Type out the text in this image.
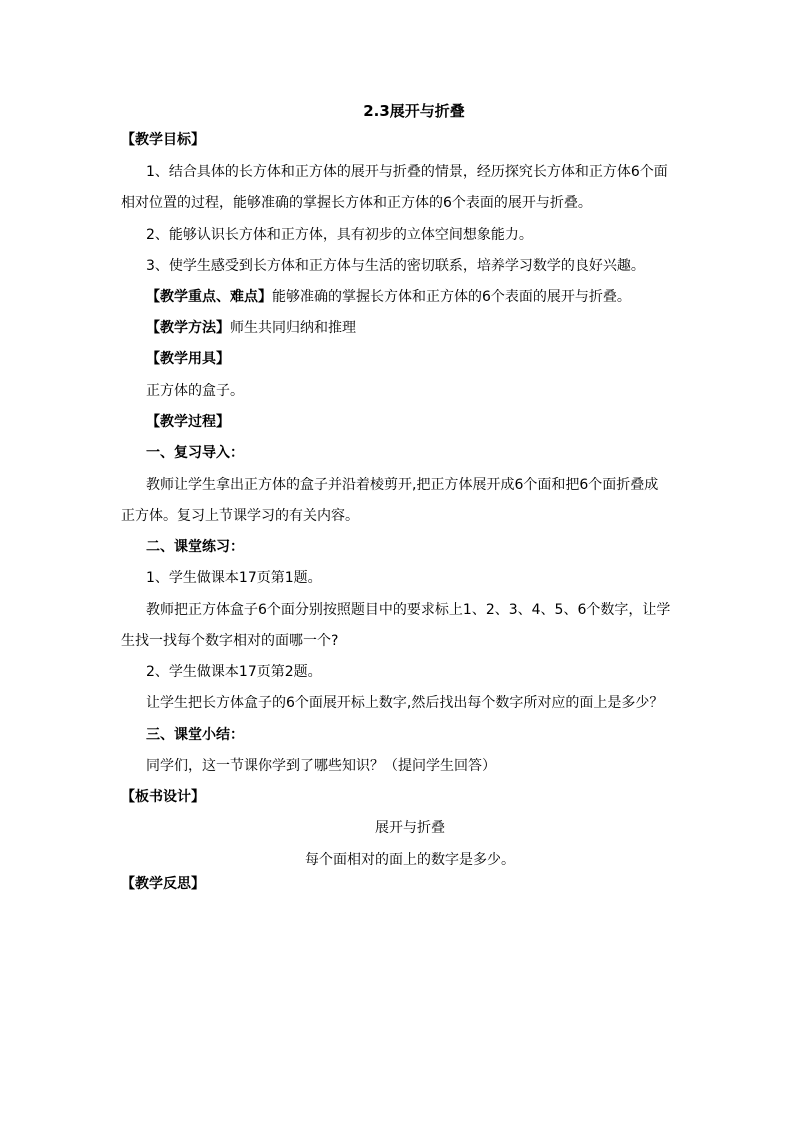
2.3展开与折叠
【教学目标】
1、结合具体的长方体和正方体的展开与折叠的情景，经历探究长方体和正方体6个面
相对位置的过程，能够准确的掌握长方体和正方体的6个表面的展开与折叠。
2、能够认识长方体和正方体，具有初步的立体空间想象能力。
3、使学生感受到长方体和正方体与生活的密切联系，培养学习数学的良好兴趣。
【教学重点、难点】能够准确的掌握长方体和正方体的6个表面的展开与折叠。
【教学方法】师生共同归纳和推理
【教学用具】
正方体的盒子。
【教学过程】
一、复习导入：
教师让学生拿出正方体的盒子并沿着棱剪开,把正方体展开成6个面和把6个面折叠成
正方体。复习上节课学习的有关内容。
二、课堂练习：
1、学生做课本17页第1题。
教师把正方体盒子6个面分别按照题目中的要求标上1、2、3、4、5、6个数字，让学
生找一找每个数字相对的面哪一个?
2、学生做课本17页第2题。
让学生把长方体盒子的6个面展开标上数字,然后找出每个数字所对应的面上是多少？
三、课堂小结：
同学们，这一节课你学到了哪些知识？（提问学生回答）
【板书设计】
展开与折叠
每个面相对的面上的数字是多少。
【教学反思】
